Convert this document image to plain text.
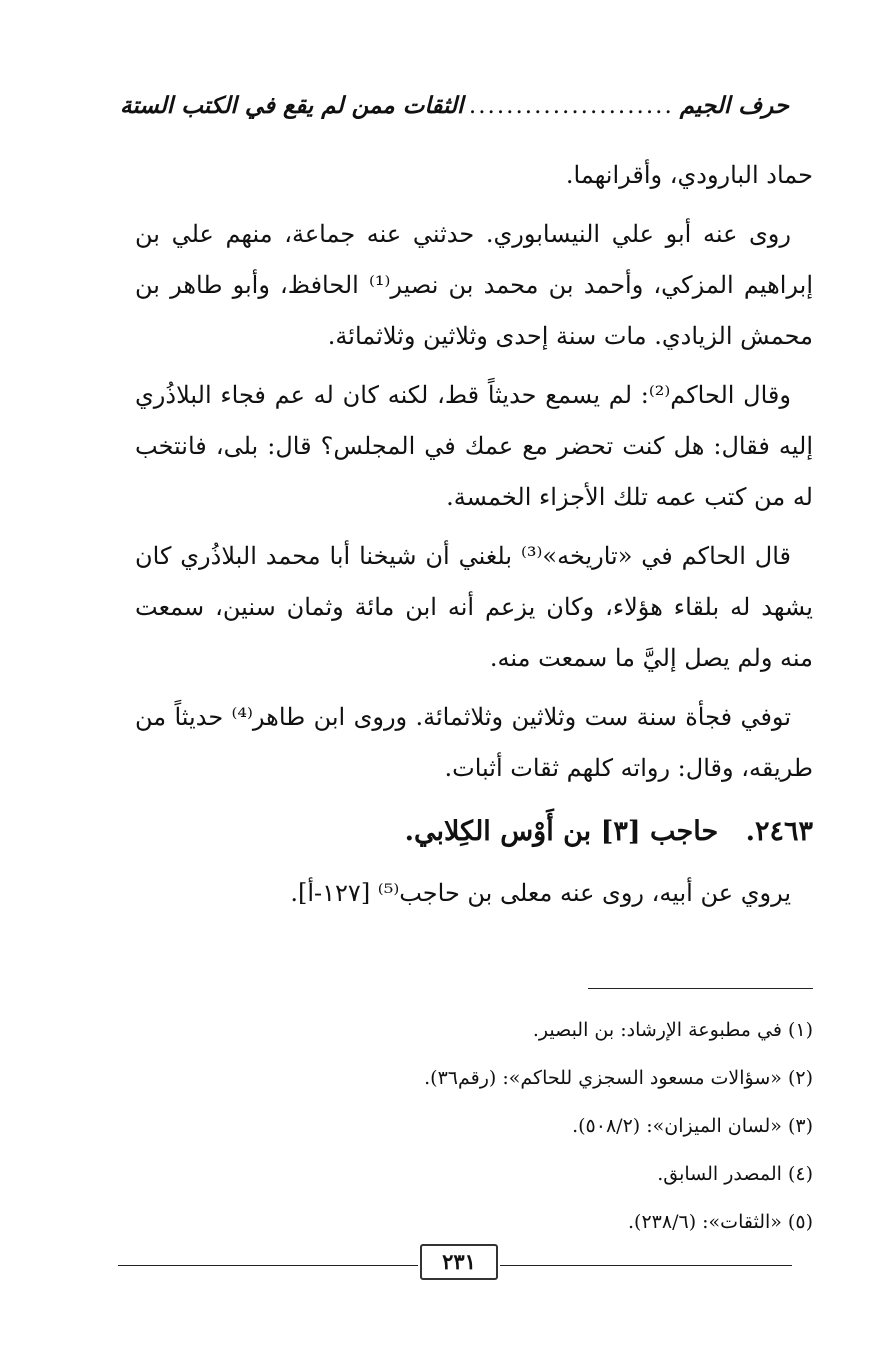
حرف الجيم
......................
الثقات ممن لم يقع في الكتب الستة

حماد البارودي، وأقرانهما.

روى عنه أبو علي النيسابوري. حدثني عنه جماعة، منهم علي بن إبراهيم المزكي، وأحمد بن محمد بن نصير⁽¹⁾ الحافظ، وأبو طاهر بن محمش الزيادي. مات سنة إحدى وثلاثين وثلاثمائة.

وقال الحاكم⁽²⁾: لم يسمع حديثاً قط، لكنه كان له عم فجاء البلاذُري إليه فقال: هل كنت تحضر مع عمك في المجلس؟ قال: بلى، فانتخب له من كتب عمه تلك الأجزاء الخمسة.

قال الحاكم في «تاريخه»⁽³⁾ بلغني أن شيخنا أبا محمد البلاذُري كان يشهد له بلقاء هؤلاء، وكان يزعم أنه ابن مائة وثمان سنين، سمعت منه ولم يصل إليَّ ما سمعت منه.

توفي فجأة سنة ست وثلاثين وثلاثمائة. وروى ابن طاهر⁽⁴⁾ حديثاً من طريقه، وقال: رواته كلهم ثقات أثبات.

٢٤٦٣. حاجب [٣] بن أَوْس الكِلابي.

يروي عن أبيه، روى عنه معلى بن حاجب⁽⁵⁾ [١٢٧-أ].

(١) في مطبوعة الإرشاد: بن البصير.
(٢) «سؤالات مسعود السجزي للحاكم»: (رقم٣٦).
(٣) «لسان الميزان»: (٥٠٨/٢).
(٤) المصدر السابق.
(٥) «الثقات»: (٢٣٨/٦).
٢٣١
